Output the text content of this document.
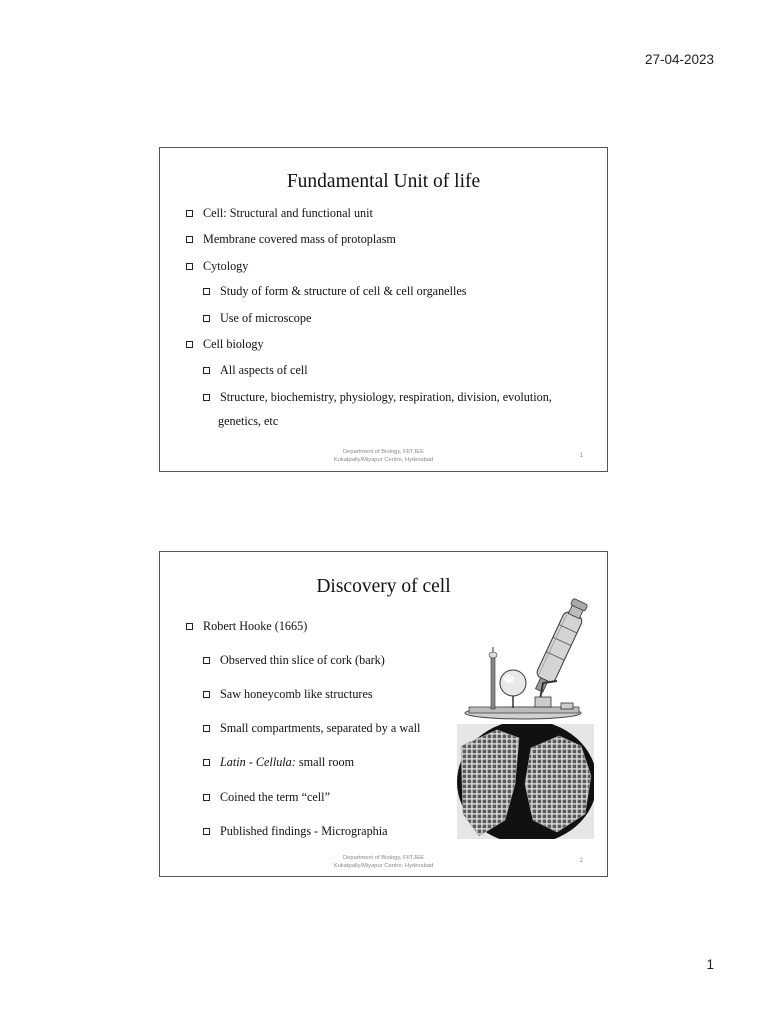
27-04-2023
Fundamental Unit of life
Cell: Structural and functional unit
Membrane covered mass of protoplasm
Cytology
Study of form & structure of cell & cell organelles
Use of microscope
Cell biology
All aspects of cell
Structure, biochemistry, physiology, respiration, division, evolution,
genetics, etc
Department of Biology, FIITJEE
Kukatpally/Miyapur Centre, Hyderabad
1
Discovery of cell
Robert Hooke (1665)
Observed thin slice of cork (bark)
Saw honeycomb like structures
Small compartments, separated by a wall
Latin - Cellula: small room
Coined the term “cell”
Published findings - Micrographia
Department of Biology, FIITJEE
Kukatpally/Miyapur Centre, Hyderabad
2
1
